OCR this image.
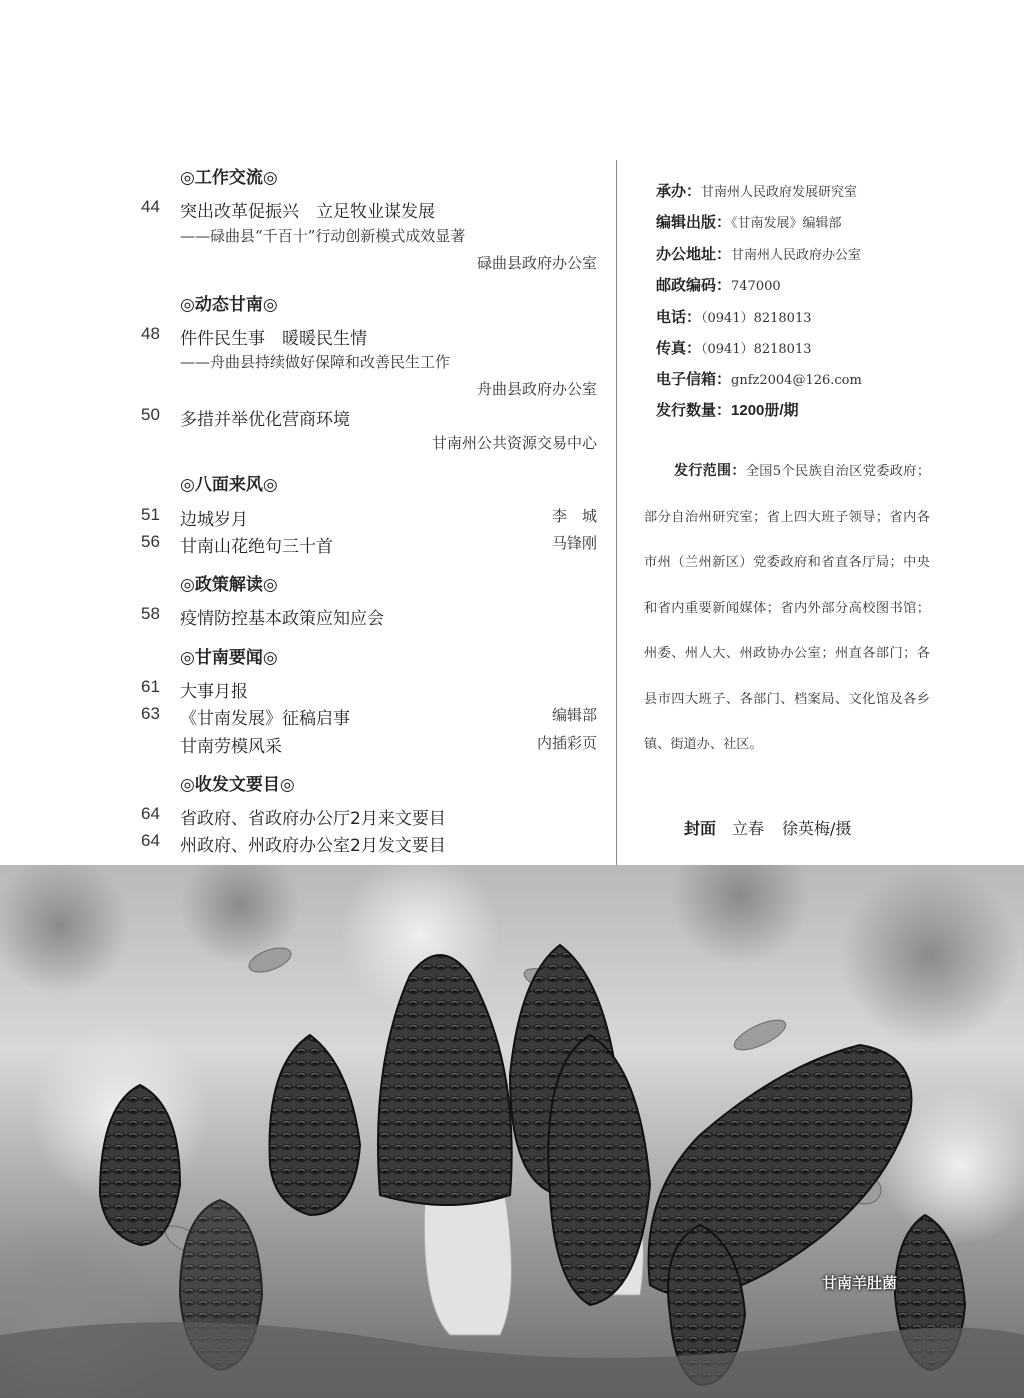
◎工作交流◎
44 突出改革促振兴　立足牧业谋发展
——碌曲县“千百十”行动创新模式成效显著
碌曲县政府办公室
◎动态甘南◎
48 件件民生事　暖暖民生情
——舟曲县持续做好保障和改善民生工作
舟曲县政府办公室
50 多措并举优化营商环境
甘南州公共资源交易中心
◎八面来风◎
51 边城岁月	李　城
56 甘南山花绝句三十首	马锋刚
◎政策解读◎
58 疫情防控基本政策应知应会
◎甘南要闻◎
61 大事月报
63 《甘南发展》征稿启事	编辑部
甘南劳模风采	内插彩页
◎收发文要目◎
64 省政府、省政府办公厅2月来文要目
64 州政府、州政府办公室2月发文要目
承办：甘南州人民政府发展研究室
编辑出版：《甘南发展》编辑部
办公地址：甘南州人民政府办公室
邮政编码：747000
电话：（0941）8218013
传真：（0941）8218013
电子信箱：gnfz2004@126.com
发行数量：1200册/期
发行范围：全国5个民族自治区党委政府；部分自治州研究室；省上四大班子领导；省内各市州（兰州新区）党委政府和省直各厅局；中央和省内重要新闻媒体；省内外部分高校图书馆；州委、州人大、州政协办公室；州直各部门；各县市四大班子、各部门、档案局、文化馆及各乡镇、街道办、社区。
封面 立春 徐英梅/摄
甘南羊肚菌
